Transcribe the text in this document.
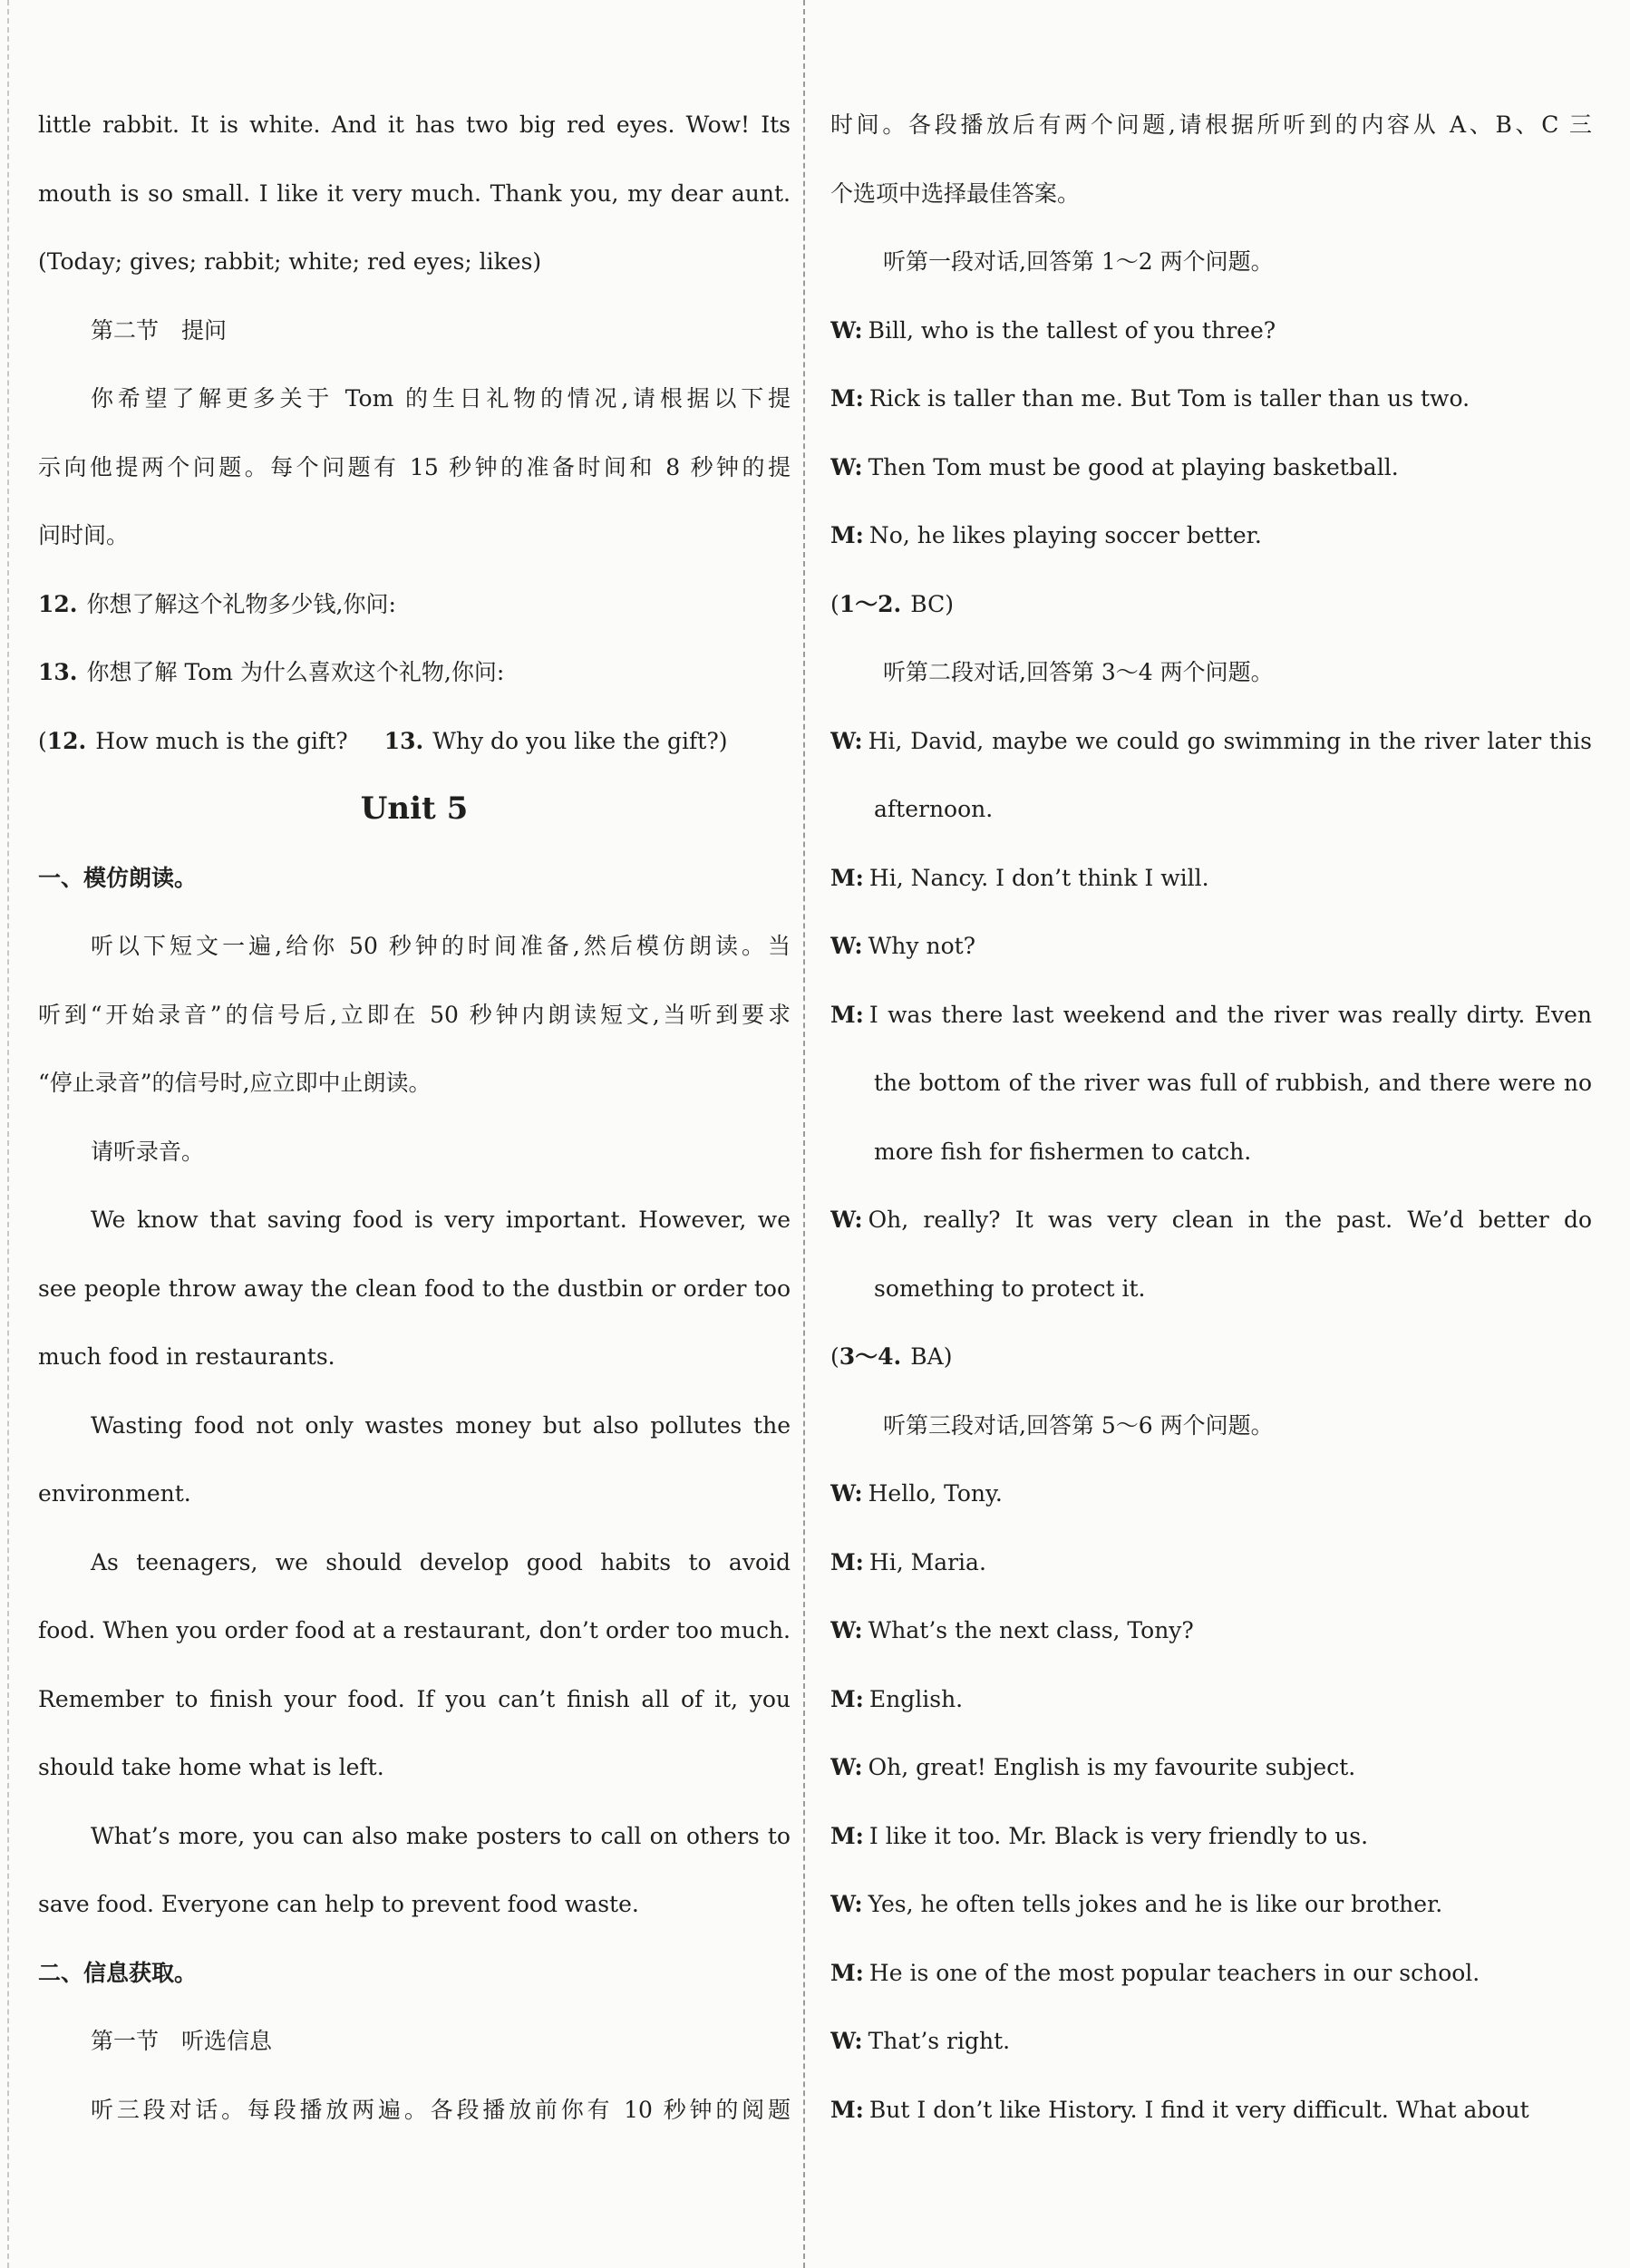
little rabbit. It is white. And it has two big red eyes. Wow! Its
mouth is so small. I like it very much. Thank you, my dear aunt.
(Today; gives; rabbit; white; red eyes; likes)
第二节　提问
你希望了解更多关于 Tom 的生日礼物的情况,请根据以下提
示向他提两个问题。每个问题有 15 秒钟的准备时间和 8 秒钟的提
问时间。
12. 你想了解这个礼物多少钱,你问:
13. 你想了解 Tom 为什么喜欢这个礼物,你问:
(12. How much is the gift? 13. Why do you like the gift?)
Unit 5
一、模仿朗读。
听以下短文一遍,给你 50 秒钟的时间准备,然后模仿朗读。当
听到“开始录音”的信号后,立即在 50 秒钟内朗读短文,当听到要求
“停止录音”的信号时,应立即中止朗读。
请听录音。
We know that saving food is very important. However, we
see people throw away the clean food to the dustbin or order too
much food in restaurants.
Wasting food not only wastes money but also pollutes the
environment.
As teenagers, we should develop good habits to avoid
food. When you order food at a restaurant, don’t order too much.
Remember to finish your food. If you can’t finish all of it, you
should take home what is left.
What’s more, you can also make posters to call on others to
save food. Everyone can help to prevent food waste.
二、信息获取。
第一节　听选信息
听三段对话。每段播放两遍。各段播放前你有 10 秒钟的阅题
时间。各段播放后有两个问题,请根据所听到的内容从 A、B、C 三
个选项中选择最佳答案。
听第一段对话,回答第 1～2 两个问题。
W: Bill, who is the tallest of you three?
M: Rick is taller than me. But Tom is taller than us two.
W: Then Tom must be good at playing basketball.
M: No, he likes playing soccer better.
(1～2. BC)
听第二段对话,回答第 3～4 两个问题。
W: Hi, David, maybe we could go swimming in the river later this
afternoon.
M: Hi, Nancy. I don’t think I will.
W: Why not?
M: I was there last weekend and the river was really dirty. Even
the bottom of the river was full of rubbish, and there were no
more fish for fishermen to catch.
W: Oh, really? It was very clean in the past. We’d better do
something to protect it.
(3～4. BA)
听第三段对话,回答第 5～6 两个问题。
W: Hello, Tony.
M: Hi, Maria.
W: What’s the next class, Tony?
M: English.
W: Oh, great! English is my favourite subject.
M: I like it too. Mr. Black is very friendly to us.
W: Yes, he often tells jokes and he is like our brother.
M: He is one of the most popular teachers in our school.
W: That’s right.
M: But I don’t like History. I find it very difficult. What about
